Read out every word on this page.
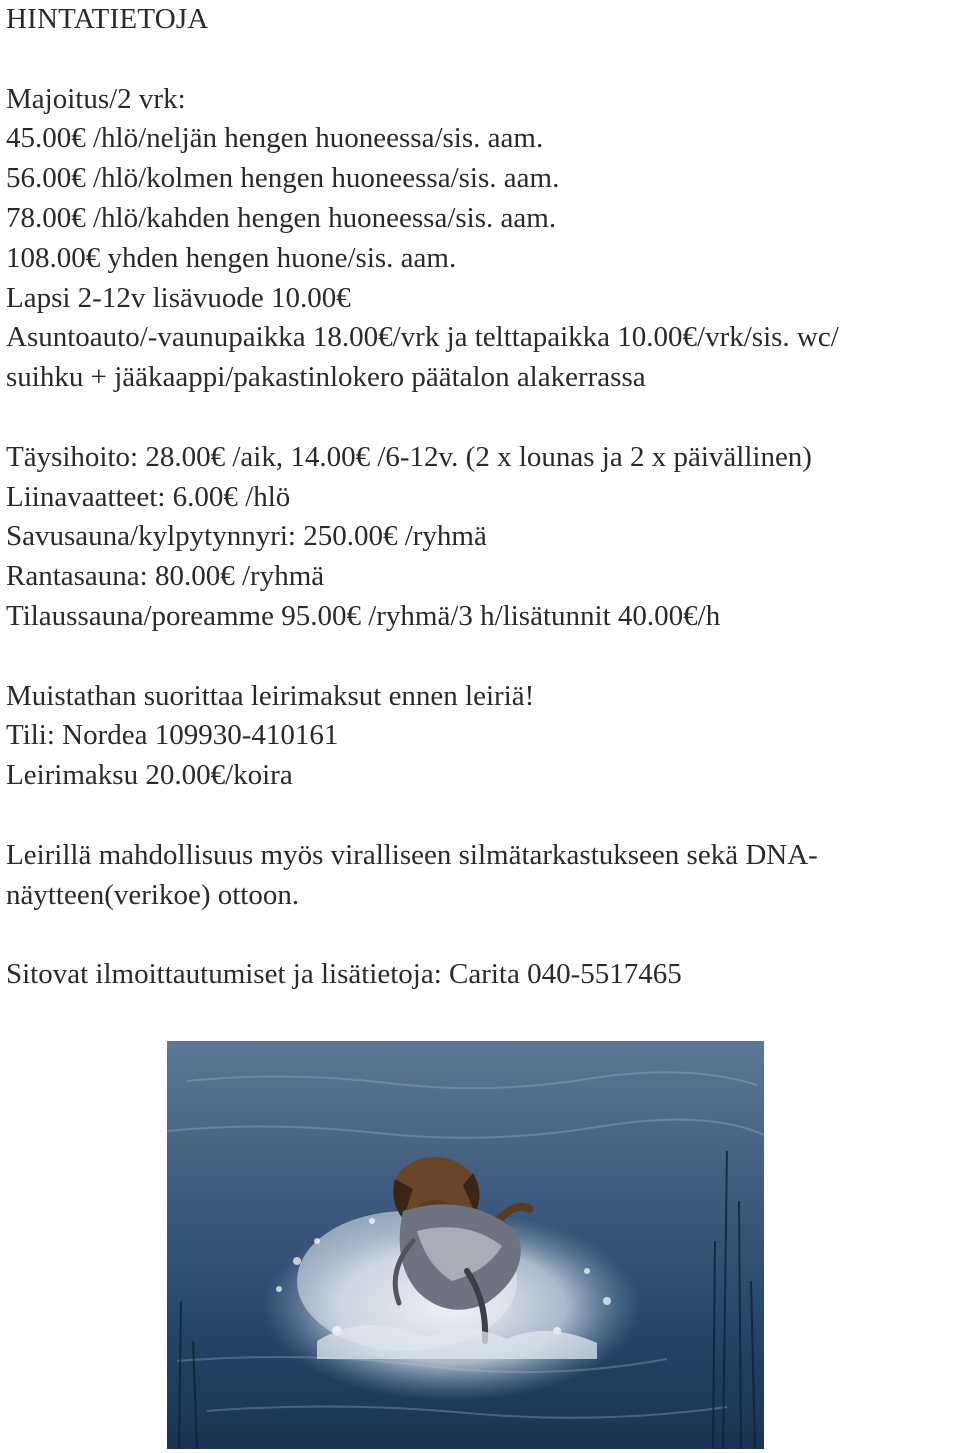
HINTATIETOJA
Majoitus/2 vrk:
45.00€ /hlö/neljän hengen huoneessa/sis. aam.
56.00€ /hlö/kolmen hengen huoneessa/sis. aam.
78.00€ /hlö/kahden hengen huoneessa/sis. aam.
108.00€ yhden hengen huone/sis. aam.
Lapsi 2-12v lisävuode 10.00€
Asuntoauto/-vaunupaikka 18.00€/vrk ja telttapaikka 10.00€/vrk/sis. wc/
suihku + jääkaappi/pakastinlokero päätalon alakerrassa
Täysihoito: 28.00€ /aik, 14.00€ /6-12v. (2 x lounas ja 2 x päivällinen)
Liinavaatteet: 6.00€ /hlö
Savusauna/kylpytynnyri: 250.00€ /ryhmä
Rantasauna: 80.00€ /ryhmä
Tilaussauna/poreamme 95.00€ /ryhmä/3 h/lisätunnit 40.00€/h
Muistathan suorittaa leirimaksut ennen leiriä!
Tili: Nordea 109930-410161
Leirimaksu 20.00€/koira
Leirillä mahdollisuus myös viralliseen silmätarkastukseen sekä DNA-
näytteen(verikoe) ottoon.
Sitovat ilmoittautumiset ja lisätietoja: Carita 040-5517465
